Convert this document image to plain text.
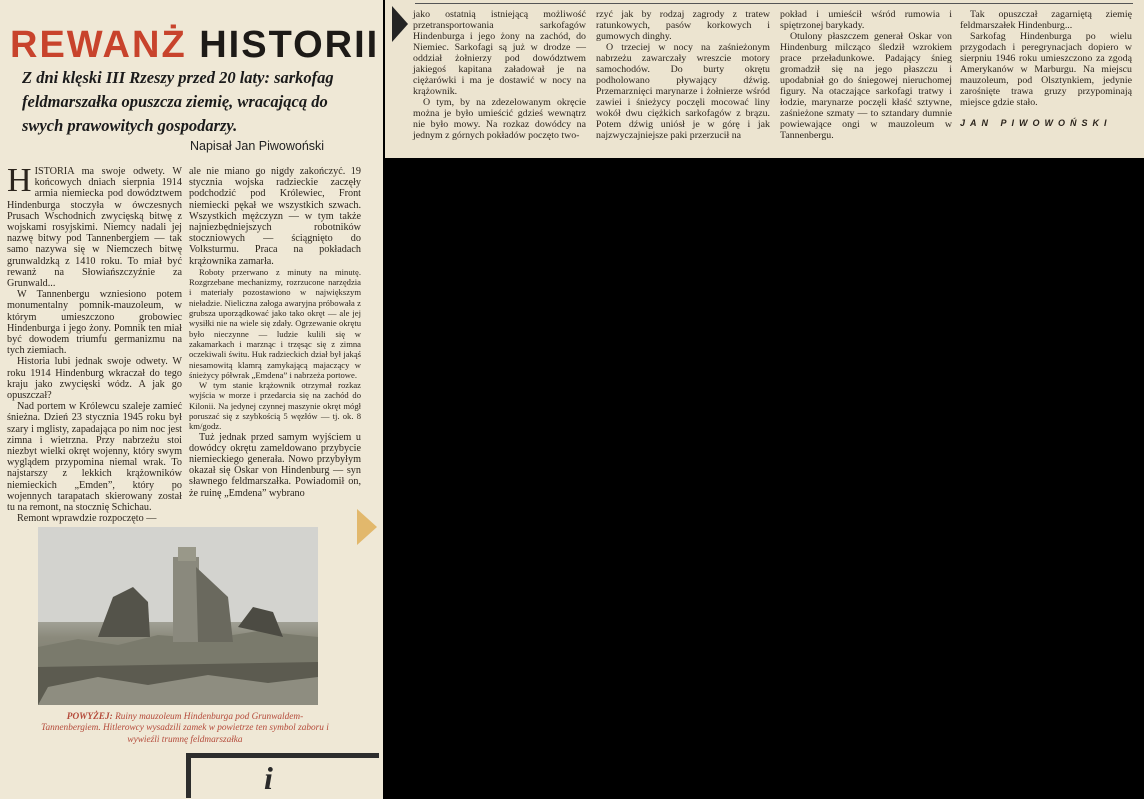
REWANŻ HISTORII
Z dni klęski III Rzeszy przed 20 laty: sarkofag feldmarszałka opuszcza ziemię, wracającą do swych prawowitych gospodarzy.
Napisał Jan Piwowoński

HISTORIA ma swoje odwety. W końcowych dniach sierpnia 1914 armia niemiecka pod dowództwem Hindenburga stoczyła w ówczesnych Prusach Wschodnich zwycięską bitwę z wojskami rosyjskimi. Niemcy nadali jej nazwę bitwy pod Tannenbergiem — tak samo nazywa się w Niemczech bitwę grunwaldzką z 1410 roku. To miał być rewanż na Słowiańszczyźnie za Grunwald...

W Tannenbergu wzniesiono potem monumentalny pomnik-mauzoleum, w którym umieszczono grobowiec Hindenburga i jego żony. Pomnik ten miał być dowodem triumfu germanizmu na tych ziemiach.

Historia lubi jednak swoje odwety. W roku 1914 Hindenburg wkraczał do tego kraju jako zwycięski wódz. A jak go opuszczał?

Nad portem w Królewcu szaleje zamieć śnieżna. Dzień 23 stycznia 1945 roku był szary i mglisty, zapadająca po nim noc jest zimna i wietrzna. Przy nabrzeżu stoi niezbyt wielki okręt wojenny, który swym wyglądem przypomina niemal wrak. To najstarszy z lekkich krążowników niemieckich „Emden”, który po wojennych tarapatach skierowany został tu na remont, na stocznię Schichau.

Remont wprawdzie rozpoczęto —

ale nie miano go nigdy zakończyć. 19 stycznia wojska radzieckie zaczęły podchodzić pod Królewiec, Front niemiecki pękał we wszystkich szwach. Wszystkich mężczyzn — w tym także najniezbędniejszych robotników stoczniowych — ściągnięto do Volksturmu. Praca na pokładach krążownika zamarła.

Roboty przerwano z minuty na minutę. Rozgrzebane mechanizmy, rozrzucone narzędzia i materiały pozostawiono w największym nieładzie. Nieliczna załoga awaryjna próbowała z grubsza uporządkować jako tako okręt — ale jej wysiłki nie na wiele się zdały. Ogrzewanie okrętu było nieczynne — ludzie kulili się w zakamarkach i marznąc i trzęsąc się z zimna oczekiwali świtu. Huk radzieckich dział był jakąś niesamowitą klamrą zamykającą majaczący w śnieżycy półwrak „Emdena” i nabrzeża portowe.

W tym stanie krążownik otrzymał rozkaz wyjścia w morze i przedarcia się na zachód do Kilonii. Na jedynej czynnej maszynie okręt mógł poruszać się z szybkością 5 węzłów — tj. ok. 8 km/godz.

Tuż jednak przed samym wyjściem u dowódcy okrętu zameldowano przybycie niemieckiego generała. Nowo przybyłym okazał się Oskar von Hindenburg — syn sławnego feldmarszałka. Powiadomił on, że ruinę „Emdena” wybrano

POWYŻEJ: Ruiny mauzoleum Hindenburga pod Grunwaldem-Tannenbergiem. Hitlerowcy wysadzili zamek w powietrze ten symbol zaboru i wywieźli trumnę feldmarszałka
i

jako ostatnią istniejącą możliwość przetransportowania sarkofagów Hindenburga i jego żony na zachód, do Niemiec. Sarkofagi są już w drodze — oddział żołnierzy pod dowództwem jakiegoś kapitana załadował je na ciężarówki i ma je dostawić w nocy na krążownik.

O tym, by na zdezelowanym okręcie można je było umieścić gdzieś wewnątrz nie było mowy. Na rozkaz dowódcy na jednym z górnych pokładów poczęto two-

rzyć jak by rodzaj zagrody z tratew ratunkowych, pasów korkowych i gumowych dinghy.

O trzeciej w nocy na zaśnieżonym nabrzeżu zawarczały wreszcie motory samochodów. Do burty okrętu podholowano pływający dźwig. Przemarznięci marynarze i żołnierze wśród zawiei i śnieżycy poczęli mocować liny wokół dwu ciężkich sarkofagów z brązu. Potem dźwig uniósł je w górę i jak najzwyczajniejsze paki przerzucił na

pokład i umieścił wśród rumowia i spiętrzonej barykady.

Otulony płaszczem generał Oskar von Hindenburg milcząco śledził wzrokiem prace przeładunkowe. Padający śnieg gromadził się na jego płaszczu i upodabniał go do śniegowej nieruchomej figury. Na otaczające sarkofagi tratwy i łodzie, marynarze poczęli kłaść sztywne, zaśnieżone szmaty — to sztandary dumnie powiewające ongi w mauzoleum w Tannenbergu.

Tak opuszczał zagarniętą ziemię feldmarszałek Hindenburg...

Sarkofag Hindenburga po wielu przygodach i peregrynacjach dopiero w sierpniu 1946 roku umieszczono za zgodą Amerykanów w Marburgu. Na miejscu mauzoleum, pod Olsztynkiem, jedynie zarośnięte trawa gruzy przypominają miejsce gdzie stało.

JAN PIWOWOŃSKI
